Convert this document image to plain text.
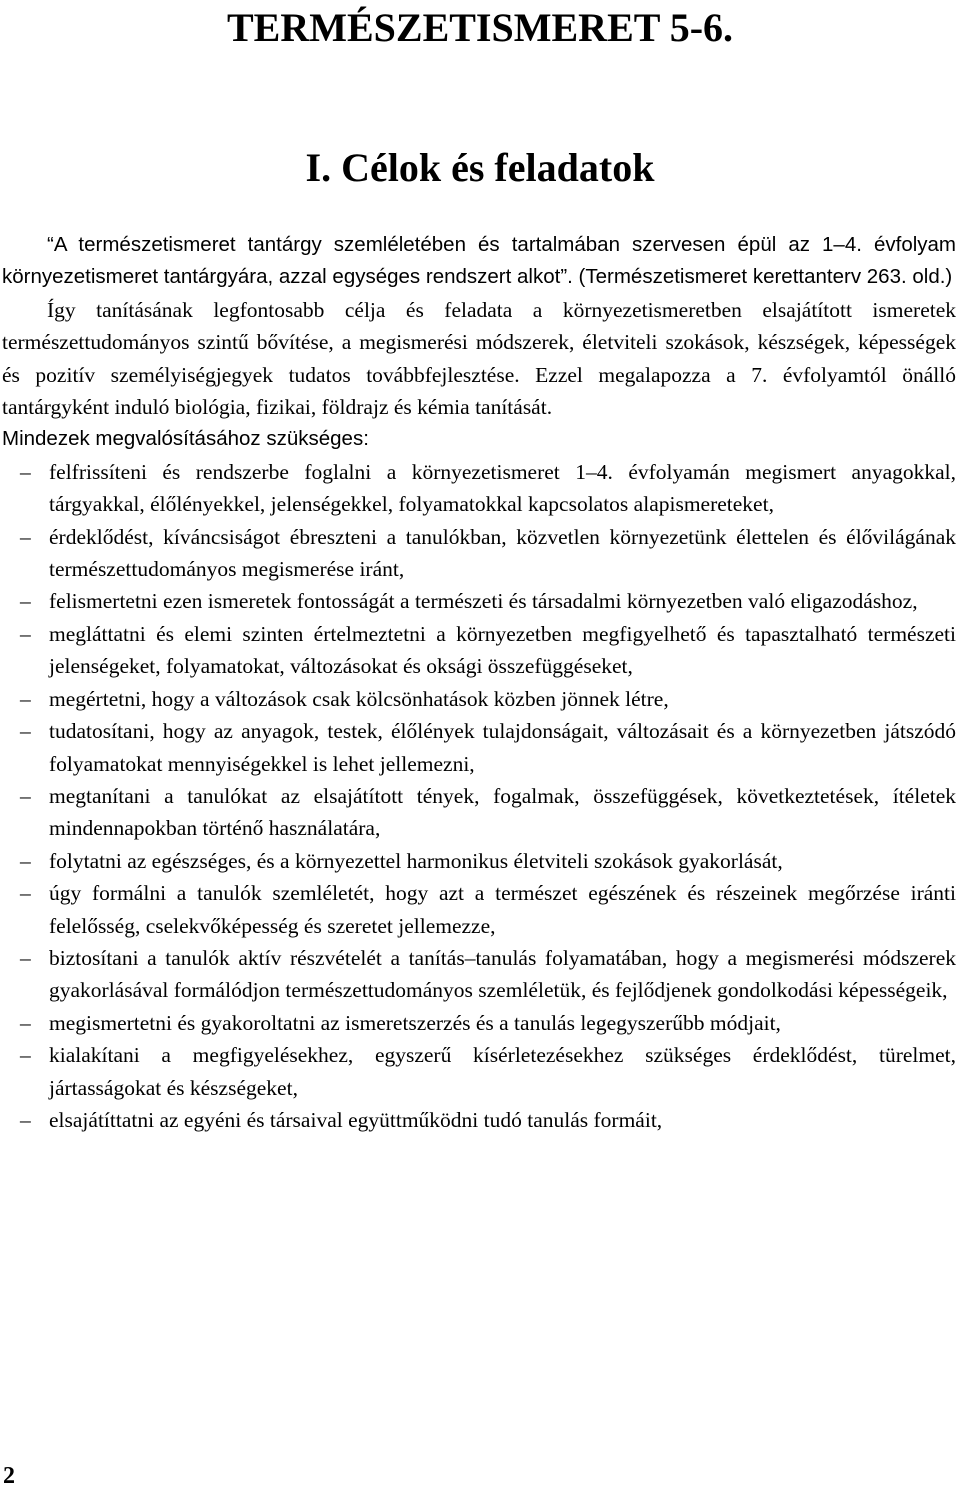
TERMÉSZETISMERET 5-6.
I. Célok és feladatok

“A természetismeret tantárgy szemléletében és tartalmában szervesen épül az 1–4. évfolyam környezetismeret tantárgyára, azzal egységes rendszert alkot”. (Természetismeret kerettanterv 263. old.)

Így tanításának legfontosabb célja és feladata a környezetismeretben elsajátított ismeretek természettudományos szintű bővítése, a megismerési módszerek, életviteli szokások, készségek, képességek és pozitív személyiségjegyek tudatos továbbfejlesztése. Ezzel megalapozza a 7. évfolyamtól önálló tantárgyként induló biológia, fizikai, földrajz és kémia tanítását.

Mindezek megvalósításához szükséges:

– felfrissíteni és rendszerbe foglalni a környezetismeret 1–4. évfolyamán megismert anyagokkal, tárgyakkal, élőlényekkel, jelenségekkel, folyamatokkal kapcsolatos alapismereteket,
– érdeklődést, kíváncsiságot ébreszteni a tanulókban, közvetlen környezetünk élettelen és élővilágának természettudományos megismerése iránt,
– felismertetni ezen ismeretek fontosságát a természeti és társadalmi környezetben való eligazodáshoz,
– megláttatni és elemi szinten értelmeztetni a környezetben megfigyelhető és tapasztalható természeti jelenségeket, folyamatokat, változásokat és oksági összefüggéseket,
– megértetni, hogy a változások csak kölcsönhatások közben jönnek létre,
– tudatosítani, hogy az anyagok, testek, élőlények tulajdonságait, változásait és a környezetben játszódó folyamatokat mennyiségekkel is lehet jellemezni,
– megtanítani a tanulókat az elsajátított tények, fogalmak, összefüggések, következtetések, ítéletek mindennapokban történő használatára,
– folytatni az egészséges, és a környezettel harmonikus életviteli szokások gyakorlását,
– úgy formálni a tanulók szemléletét, hogy azt a természet egészének és részeinek megőrzése iránti felelősség, cselekvőképesség és szeretet jellemezze,
– biztosítani a tanulók aktív részvételét a tanítás–tanulás folyamatában, hogy a megismerési módszerek gyakorlásával formálódjon természettudományos szemléletük, és fejlődjenek gondolkodási képességeik,
– megismertetni és gyakoroltatni az ismeretszerzés és a tanulás legegyszerűbb módjait,
– kialakítani a megfigyelésekhez, egyszerű kísérletezésekhez szükséges érdeklődést, türelmet, jártasságokat és készségeket,
– elsajátíttatni az egyéni és társaival együttműködni tudó tanulás formáit,
2
